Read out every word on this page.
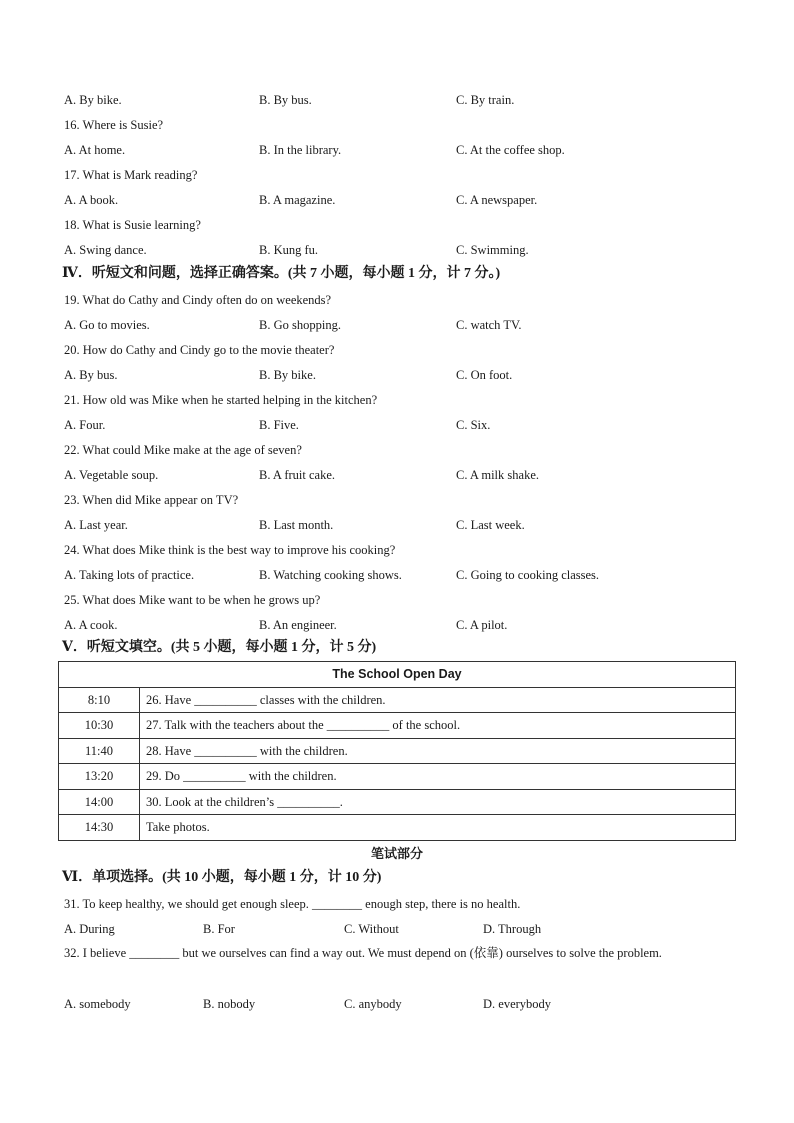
A. By bike.	B. By bus.	C. By train.
16. Where is Susie?
A. At home.	B. In the library.	C. At the coffee shop.
17. What is Mark reading?
A. A book.	B. A magazine.	C. A newspaper.
18. What is Susie learning?
A. Swing dance.	B. Kung fu.	C. Swimming.
Ⅳ．听短文和问题，选择正确答案。(共 7 小题，每小题 1 分，计 7 分。)
19. What do Cathy and Cindy often do on weekends?
A. Go to movies.	B. Go shopping.	C. watch TV.
20. How do Cathy and Cindy go to the movie theater?
A. By bus.	B. By bike.	C. On foot.
21. How old was Mike when he started helping in the kitchen?
A. Four.	B. Five.	C. Six.
22. What could Mike make at the age of seven?
A. Vegetable soup.	B. A fruit cake.	C. A milk shake.
23. When did Mike appear on TV?
A. Last year.	B. Last month.	C. Last week.
24. What does Mike think is the best way to improve his cooking?
A. Taking lots of practice.	B. Watching cooking shows.	C. Going to cooking classes.
25. What does Mike want to be when he grows up?
A. A cook.	B. An engineer.	C. A pilot.
Ⅴ．听短文填空。(共 5 小题，每小题 1 分，计 5 分)
The School Open Day	
8:10	26. Have __________ classes with the children.
10:30	27. Talk with the teachers about the __________ of the school.
11:40	28. Have __________ with the children.
13:20	29. Do __________ with the children.
14:00	30. Look at the children’s __________.
14:30	Take photos.
笔试部分
Ⅵ．单项选择。(共 10 小题，每小题 1 分，计 10 分)
31. To keep healthy, we should get enough sleep. ________ enough step, there is no health.
A. During	B. For	C. Without	D. Through
32. I believe ________ but we ourselves can find a way out. We must depend on (依靠) ourselves to solve the problem.
A. somebody	B. nobody	C. anybody	D. everybody
